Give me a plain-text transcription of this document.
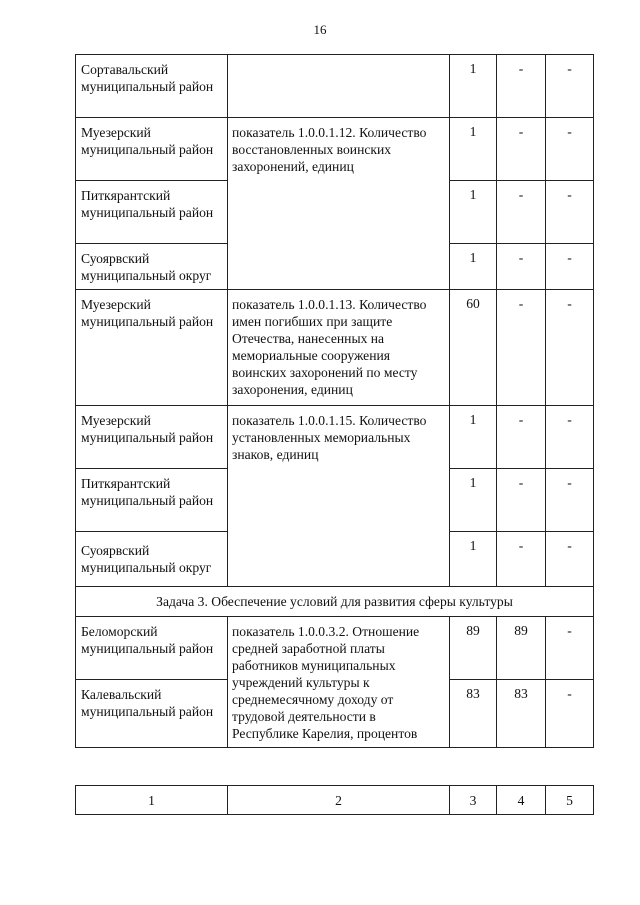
16
Сортавальский муниципальный район		1	-	-
Муезерский муниципальный район	показатель 1.0.0.1.12. Количество восстановленных воинских захоронений, единиц	1	-	-
Питкярантский муниципальный район		1	-	-
Суоярвский муниципальный округ		1	-	-
Муезерский муниципальный район	показатель 1.0.0.1.13. Количество имен погибших при защите Отечества, нанесенных на мемориальные сооружения воинских захоронений по месту захоронения, единиц	60	-	-
Муезерский муниципальный район	показатель 1.0.0.1.15. Количество установленных мемориальных знаков, единиц	1	-	-
Питкярантский муниципальный район		1	-	-
Суоярвский муниципальный округ		1	-	-
Задача 3. Обеспечение условий для развития сферы культуры				
Беломорский муниципальный район	показатель 1.0.0.3.2. Отношение средней заработной платы работников муниципальных учреждений культуры к среднемесячному доходу от трудовой деятельности в Республике Карелия, процентов	89	89	-
Калевальский муниципальный район		83	83	-
1	2	3	4	5
